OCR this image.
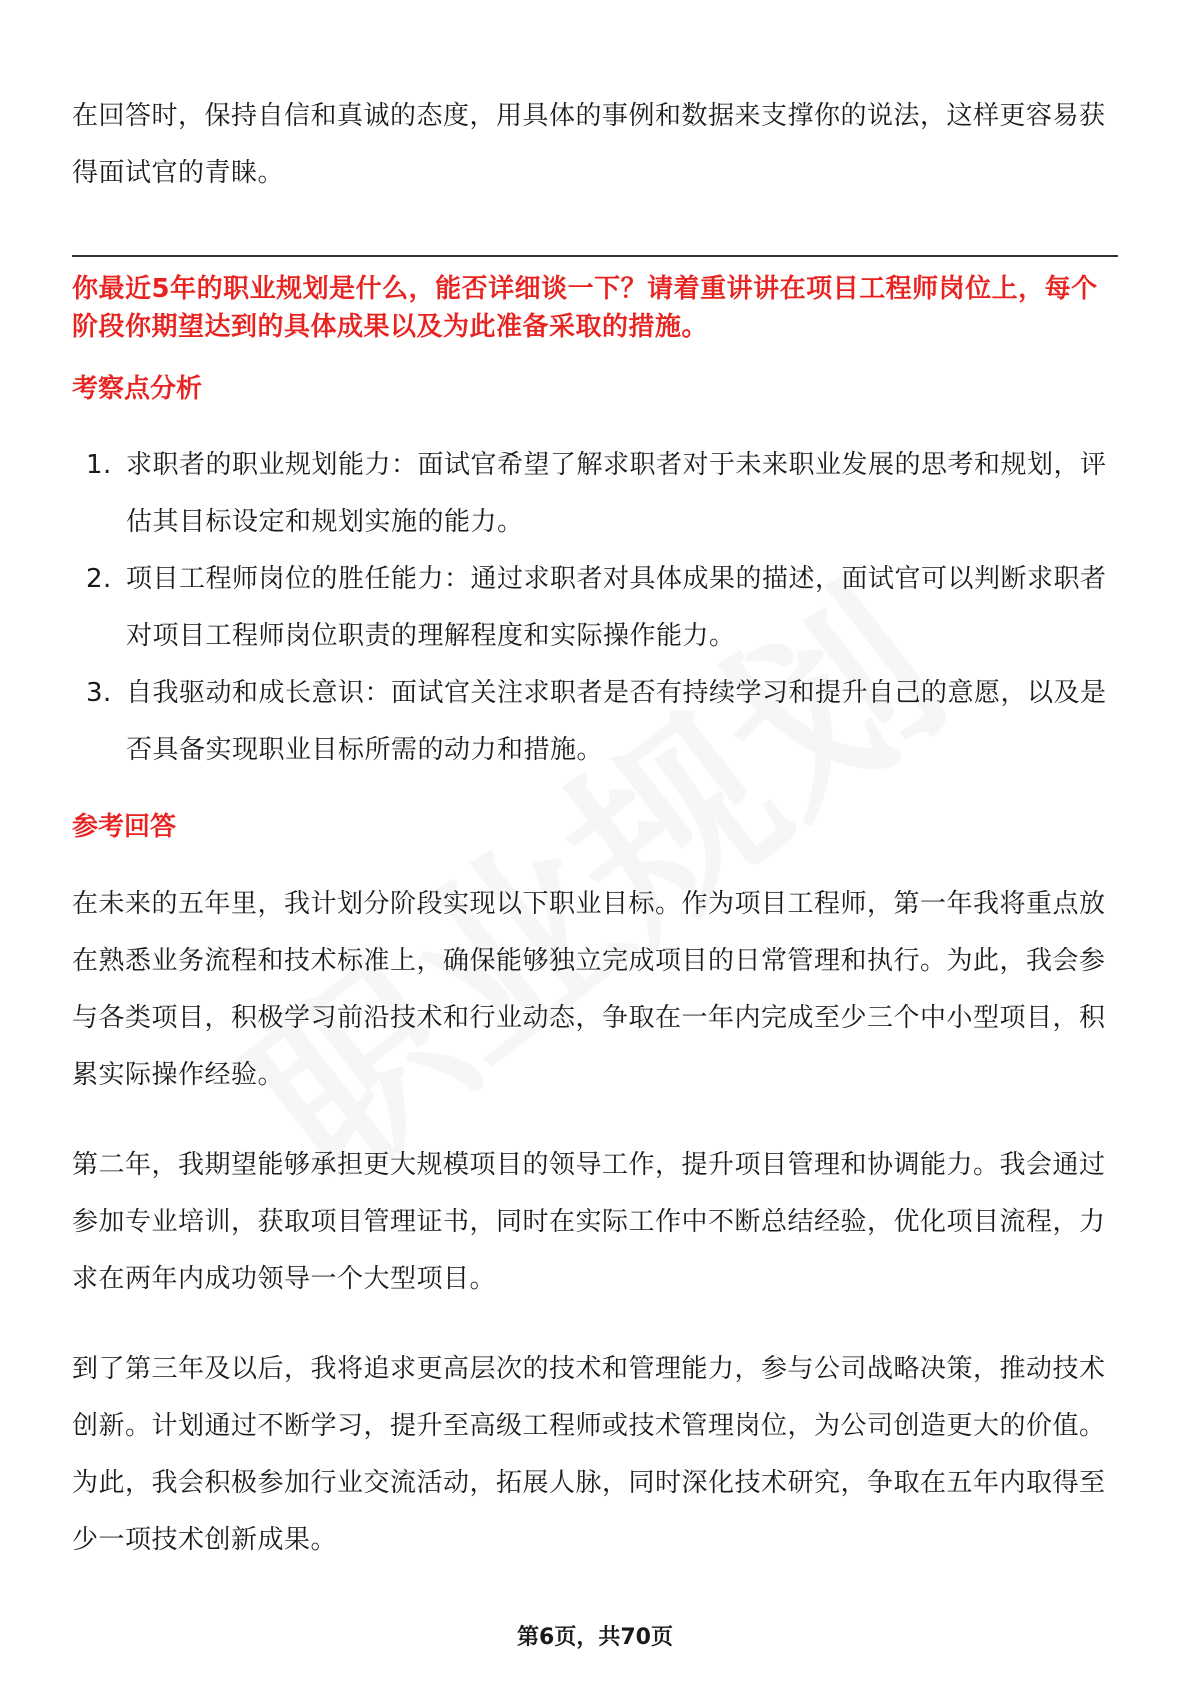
在回答时，保持自信和真诚的态度，用具体的事例和数据来支撑你的说法，这样更容易获得面试官的青睐。

你最近5年的职业规划是什么，能否详细谈一下？请着重讲讲在项目工程师岗位上，每个阶段你期望达到的具体成果以及为此准备采取的措施。

考察点分析

1. 求职者的职业规划能力：面试官希望了解求职者对于未来职业发展的思考和规划，评估其目标设定和规划实施的能力。
2. 项目工程师岗位的胜任能力：通过求职者对具体成果的描述，面试官可以判断求职者对项目工程师岗位职责的理解程度和实际操作能力。
3. 自我驱动和成长意识：面试官关注求职者是否有持续学习和提升自己的意愿，以及是否具备实现职业目标所需的动力和措施。

参考回答

在未来的五年里，我计划分阶段实现以下职业目标。作为项目工程师，第一年我将重点放在熟悉业务流程和技术标准上，确保能够独立完成项目的日常管理和执行。为此，我会参与各类项目，积极学习前沿技术和行业动态，争取在一年内完成至少三个中小型项目，积累实际操作经验。

第二年，我期望能够承担更大规模项目的领导工作，提升项目管理和协调能力。我会通过参加专业培训，获取项目管理证书，同时在实际工作中不断总结经验，优化项目流程，力求在两年内成功领导一个大型项目。

到了第三年及以后，我将追求更高层次的技术和管理能力，参与公司战略决策，推动技术创新。计划通过不断学习，提升至高级工程师或技术管理岗位，为公司创造更大的价值。为此，我会积极参加行业交流活动，拓展人脉，同时深化技术研究，争取在五年内取得至少一项技术创新成果。

第6页，共70页
